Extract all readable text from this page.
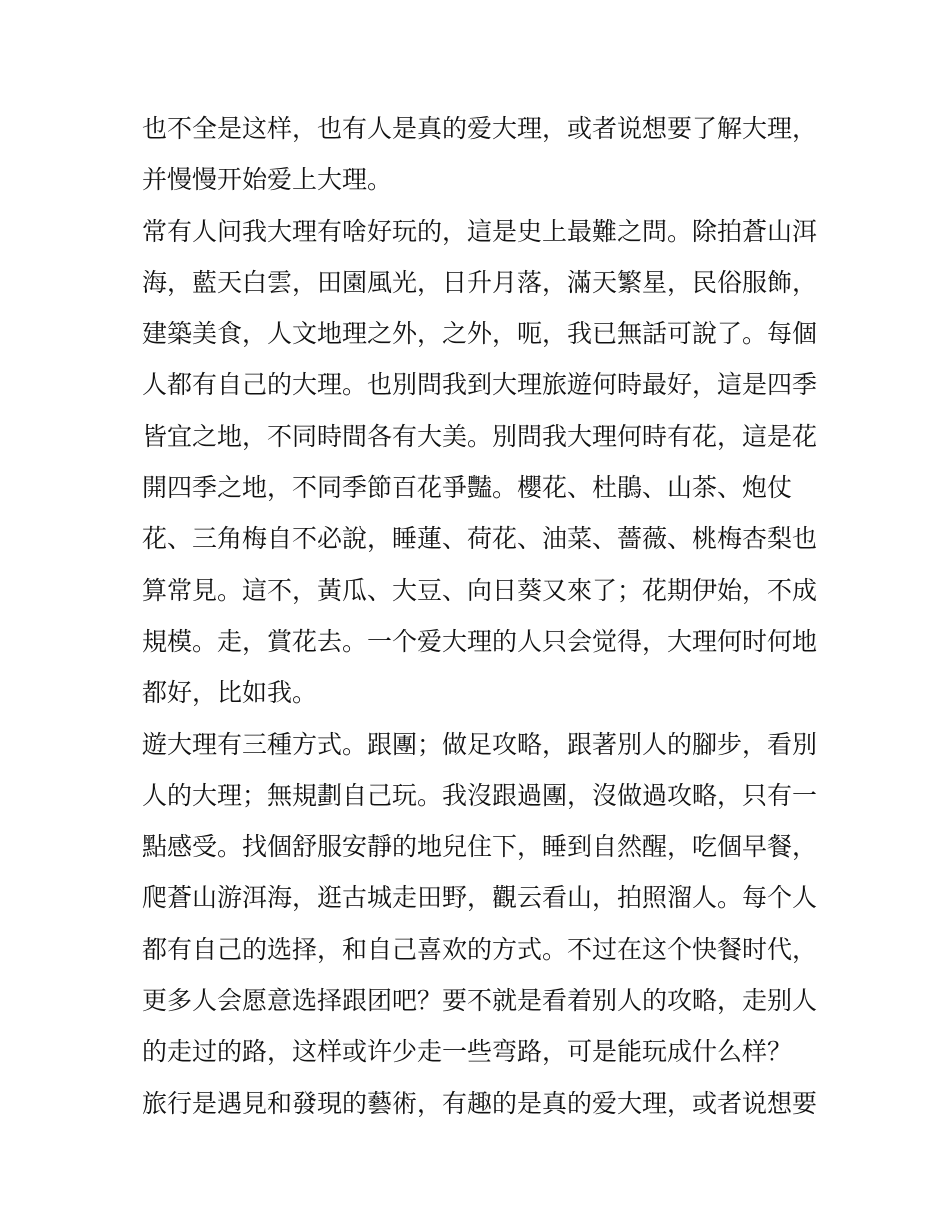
也不全是这样，也有人是真的爱大理，或者说想要了解大理，
并慢慢开始爱上大理。
常有人问我大理有啥好玩的，這是史上最難之問。除拍蒼山洱
海，藍天白雲，田園風光，日升月落，滿天繁星，民俗服飾，
建築美食，人文地理之外，之外，呃，我已無話可說了。每個
人都有自己的大理。也別問我到大理旅遊何時最好，這是四季
皆宜之地，不同時間各有大美。別問我大理何時有花，這是花
開四季之地，不同季節百花爭豔。櫻花、杜鵑、山茶、炮仗
花、三角梅自不必說，睡蓮、荷花、油菜、薔薇、桃梅杏梨也
算常見。這不，黃瓜、大豆、向日葵又來了；花期伊始，不成
規模。走，賞花去。一个爱大理的人只会觉得，大理何时何地
都好，比如我。
遊大理有三種方式。跟團；做足攻略，跟著別人的腳步，看別
人的大理；無規劃自己玩。我沒跟過團，沒做過攻略，只有一
點感受。找個舒服安靜的地兒住下，睡到自然醒，吃個早餐，
爬蒼山游洱海，逛古城走田野，觀云看山，拍照溜人。每个人
都有自己的选择，和自己喜欢的方式。不过在这个快餐时代，
更多人会愿意选择跟团吧？要不就是看着别人的攻略，走别人
的走过的路，这样或许少走一些弯路，可是能玩成什么样？
旅行是遇見和發現的藝術，有趣的是真的爱大理，或者说想要
